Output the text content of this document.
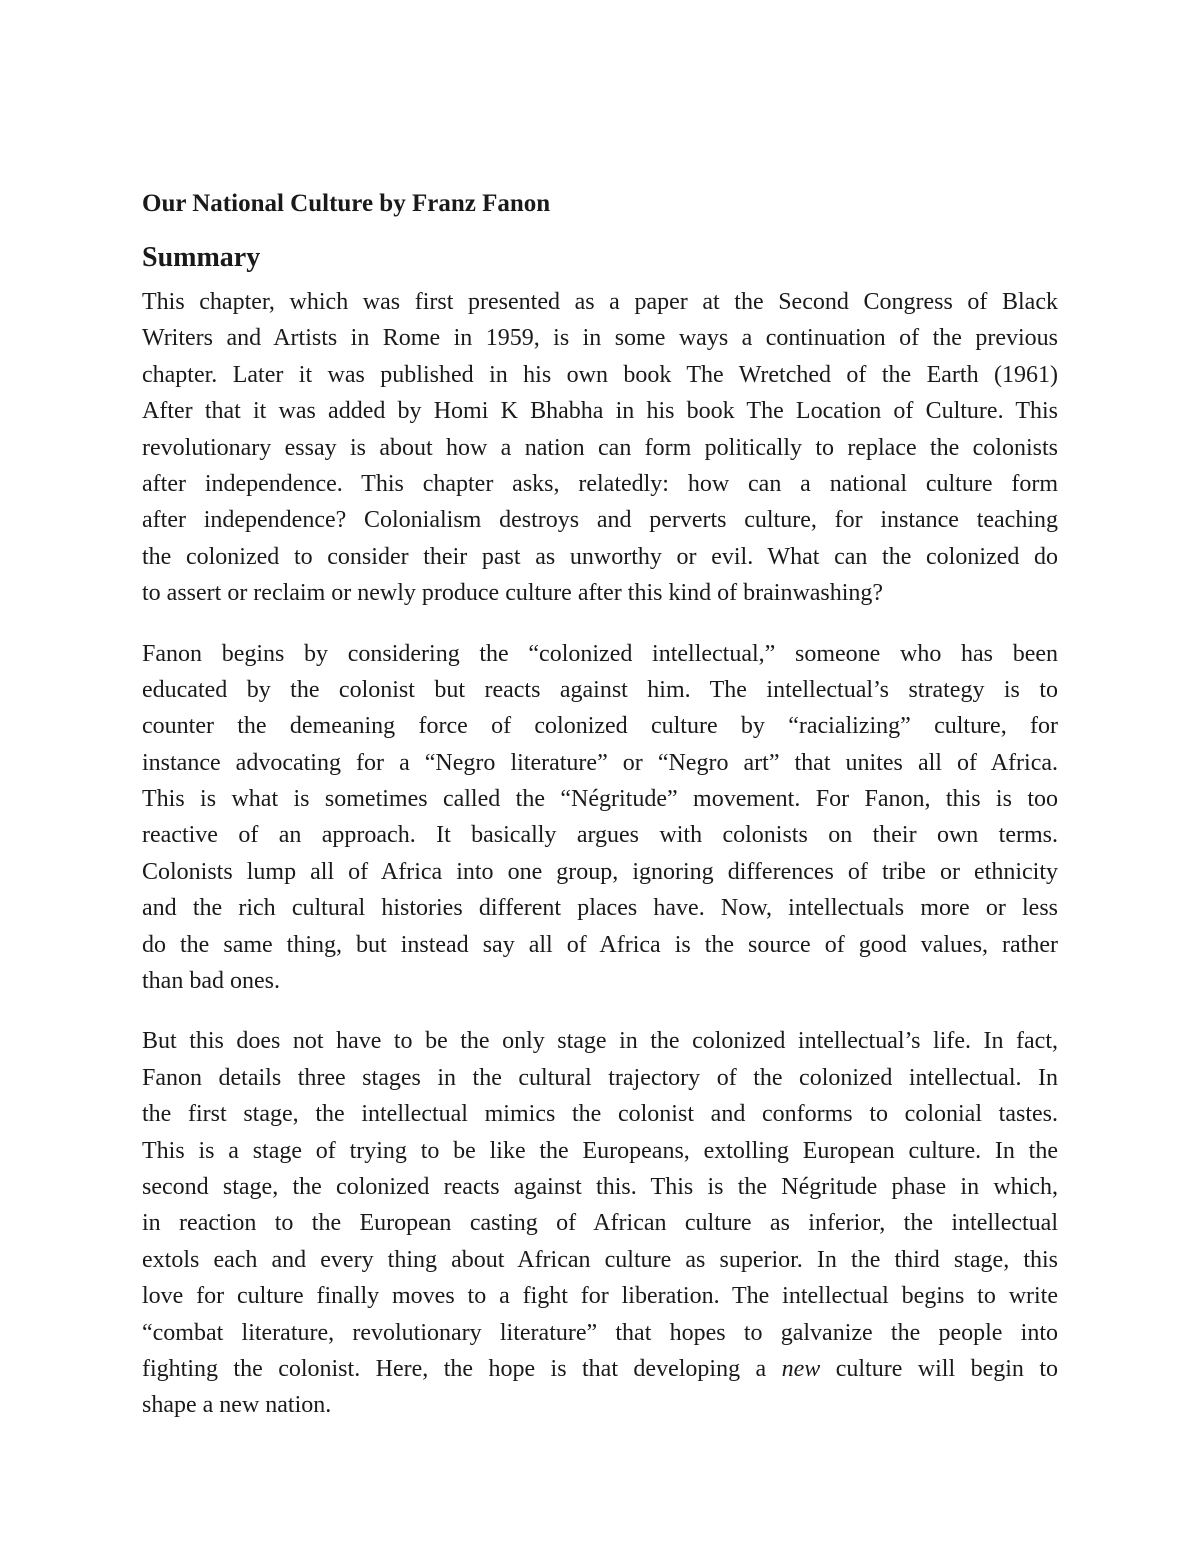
Our National Culture by Franz Fanon
Summary
This chapter, which was first presented as a paper at the Second Congress of Black
Writers and Artists in Rome in 1959, is in some ways a continuation of the previous
chapter. Later it was published in his own book The Wretched of the Earth (1961)
After that it was added by Homi K Bhabha in his book The Location of Culture. This
revolutionary essay is about how a nation can form politically to replace the colonists
after independence. This chapter asks, relatedly: how can a national culture form
after independence? Colonialism destroys and perverts culture, for instance teaching
the colonized to consider their past as unworthy or evil. What can the colonized do
to assert or reclaim or newly produce culture after this kind of brainwashing?
Fanon begins by considering the “colonized intellectual,” someone who has been
educated by the colonist but reacts against him. The intellectual’s strategy is to
counter the demeaning force of colonized culture by “racializing” culture, for
instance advocating for a “Negro literature” or “Negro art” that unites all of Africa.
This is what is sometimes called the “Négritude” movement. For Fanon, this is too
reactive of an approach. It basically argues with colonists on their own terms.
Colonists lump all of Africa into one group, ignoring differences of tribe or ethnicity
and the rich cultural histories different places have. Now, intellectuals more or less
do the same thing, but instead say all of Africa is the source of good values, rather
than bad ones.
But this does not have to be the only stage in the colonized intellectual’s life. In fact,
Fanon details three stages in the cultural trajectory of the colonized intellectual. In
the first stage, the intellectual mimics the colonist and conforms to colonial tastes.
This is a stage of trying to be like the Europeans, extolling European culture. In the
second stage, the colonized reacts against this. This is the Négritude phase in which,
in reaction to the European casting of African culture as inferior, the intellectual
extols each and every thing about African culture as superior. In the third stage, this
love for culture finally moves to a fight for liberation. The intellectual begins to write
“combat literature, revolutionary literature” that hopes to galvanize the people into
fighting the colonist. Here, the hope is that developing a new culture will begin to
shape a new nation.
